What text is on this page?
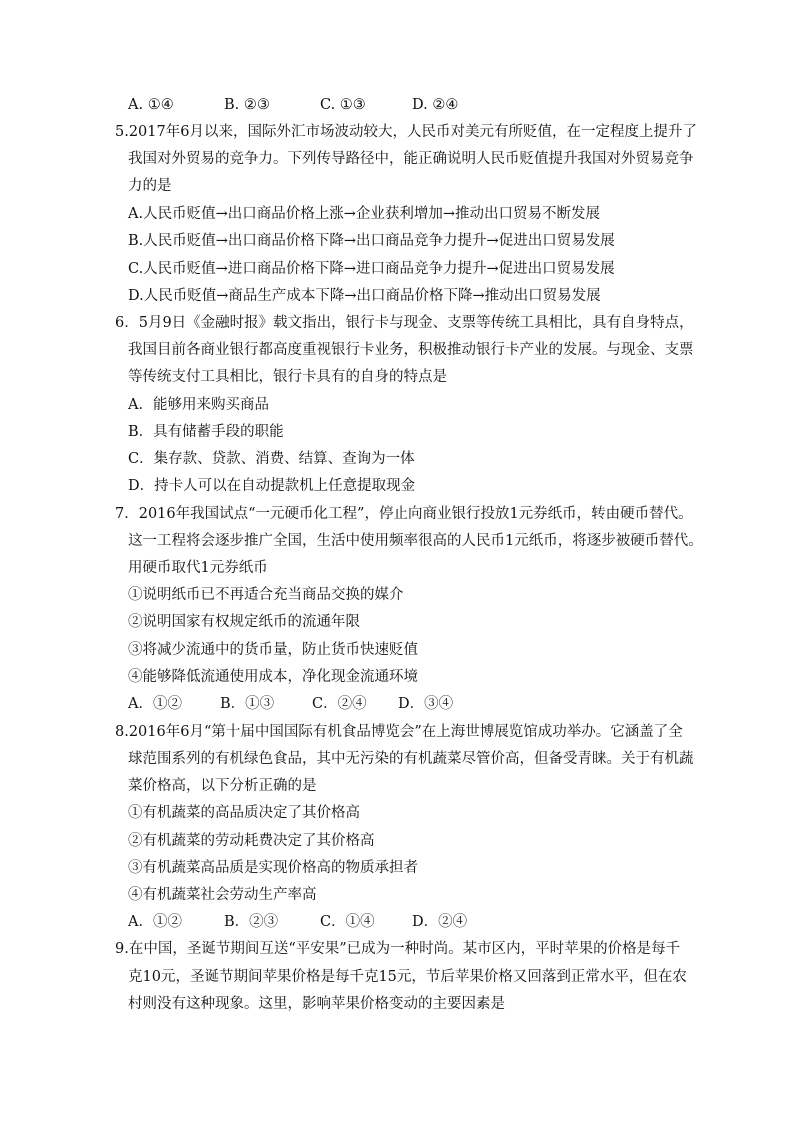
A. ①④	B. ②③	C. ①③	D. ②④
5.2017年6月以来，国际外汇市场波动较大，人民币对美元有所贬值，在一定程度上提升了
我国对外贸易的竞争力。下列传导路径中，能正确说明人民币贬值提升我国对外贸易竞争
力的是
A.人民币贬值→出口商品价格上涨→企业获利增加→推动出口贸易不断发展
B.人民币贬值→出口商品价格下降→出口商品竞争力提升→促进出口贸易发展
C.人民币贬值→进口商品价格下降→进口商品竞争力提升→促进出口贸易发展
D.人民币贬值→商品生产成本下降→出口商品价格下降→推动出口贸易发展
6．5月9日《金融时报》载文指出，银行卡与现金、支票等传统工具相比，具有自身特点，
我国目前各商业银行都高度重视银行卡业务，积极推动银行卡产业的发展。与现金、支票
等传统支付工具相比，银行卡具有的自身的特点是
A．能够用来购买商品
B．具有储蓄手段的职能
C．集存款、贷款、消费、结算、查询为一体
D．持卡人可以在自动提款机上任意提取现金
7．2016年我国试点“一元硬币化工程”，停止向商业银行投放1元券纸币，转由硬币替代。
这一工程将会逐步推广全国，生活中使用频率很高的人民币1元纸币，将逐步被硬币替代。
用硬币取代1元券纸币
①说明纸币已不再适合充当商品交换的媒介
②说明国家有权规定纸币的流通年限
③将减少流通中的货币量，防止货币快速贬值
④能够降低流通使用成本，净化现金流通环境
A．①②	B．①③	C．②④ D．③④
8.2016年6月“第十届中国国际有机食品博览会”在上海世博展览馆成功举办。它涵盖了全
球范围系列的有机绿色食品，其中无污染的有机蔬菜尽管价高，但备受青睐。关于有机蔬
菜价格高，以下分析正确的是
①有机蔬菜的高品质决定了其价格高
②有机蔬菜的劳动耗费决定了其价格高
③有机蔬菜高品质是实现价格高的物质承担者
④有机蔬菜社会劳动生产率高
A．①②	B．②③	C．①④	D．②④
9.在中国，圣诞节期间互送“平安果”已成为一种时尚。某市区内，平时苹果的价格是每千
克10元，圣诞节期间苹果价格是每千克15元，节后苹果价格又回落到正常水平，但在农
村则没有这种现象。这里，影响苹果价格变动的主要因素是
